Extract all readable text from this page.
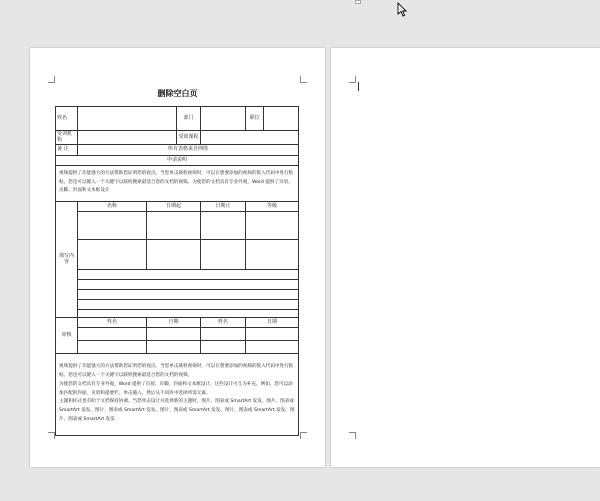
删除空白页
姓名			部门		职位	
受训机构			受训课程			
备 注	所有表格来自网络					
申请说明						
视频提供了功能强大的方法帮助您证明您的观点。当您单击联机视频时，可以在想要添加的视频的嵌入代码中进行粘贴。您也可以键入一个关键字以联机搜索最适合您的文档的视频。为使您的文档具有专业外观，Word 提供了页眉、页脚、封面和文本框设计						
填写内容	名称	日期起		日期止	等级	

审核	姓名	日期		姓名	日期	

视频提供了功能强大的方法帮助您证明您的观点。当您单击联机视频时，可以在想要添加的视频的嵌入代码中进行粘贴。您也可以键入一个关键字以联机搜索最适合您的文档的视频。
为使您的文档具有专业外观，Word 提供了页眉、页脚、封面和文本框设计，这些设计可互为补充。例如，您可以添加匹配的封面、页眉和提要栏。单击插入，然后从不同库中选择所需元素。
主题和样式也有助于文档保持协调。当您单击设计并选择新的主题时，图片、图表或 SmartArt 发发、图片、图表或 SmartArt 发发、图片、图表或 SmartArt 发发、图片、图表或 SmartArt 发发、图片、图表或 SmartArt 发发、图片、图表或 SmartArt 发发						
